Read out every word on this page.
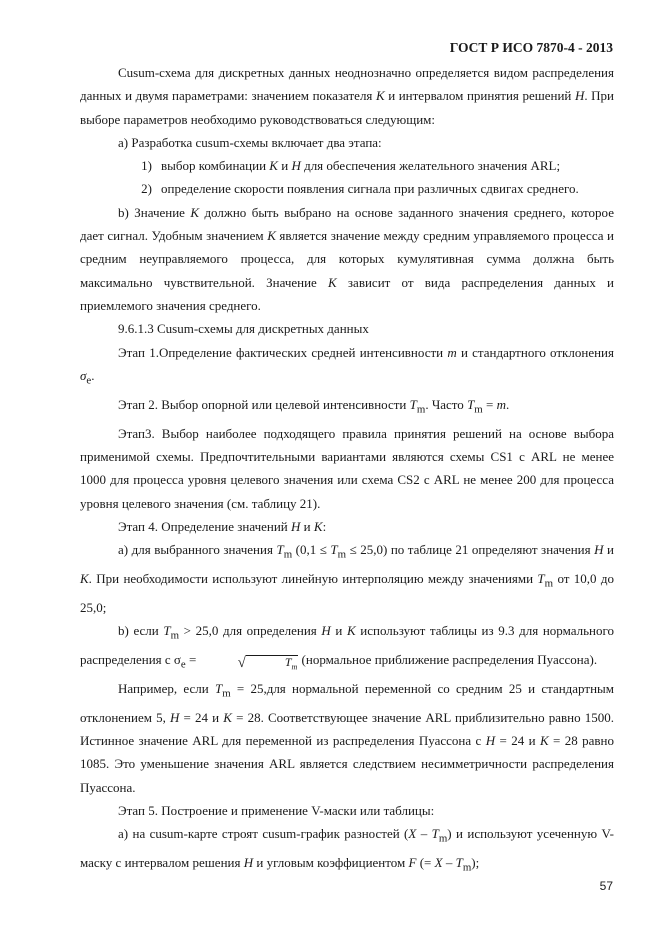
ГОСТ Р ИСО 7870-4 - 2013

Cusum-схема для дискретных данных неоднозначно определяется видом распределения данных и двумя параметрами: значением показателя K и интервалом принятия решений H. При выборе параметров необходимо руководствоваться следующим:

а) Разработка cusum-схемы включает два этапа:

1) выбор комбинации K и H для обеспечения желательного значения ARL;

2) определение скорости появления сигнала при различных сдвигах среднего.

b) Значение K должно быть выбрано на основе заданного значения среднего, которое дает сигнал. Удобным значением K является значение между средним управляемого процесса и средним неуправляемого процесса, для которых кумулятивная сумма должна быть максимально чувствительной. Значение K зависит от вида распределения данных и приемлемого значения среднего.

9.6.1.3 Cusum-схемы для дискретных данных

Этап 1.Определение фактических средней интенсивности m и стандартного отклонения $\sigma_e$.

Этап 2. Выбор опорной или целевой интенсивности $T_m$. Часто $T_m = m$.

Этап3. Выбор наиболее подходящего правила принятия решений на основе выбора применимой схемы. Предпочтительными вариантами являются схемы CS1 с ARL не менее 1000 для процесса уровня целевого значения или схема CS2 с ARL не менее 200 для процесса уровня целевого значения (см. таблицу 21).

Этап 4. Определение значений H и K:

а) для выбранного значения $T_m$ $(0,1 \le T_m \le 25,0)$ по таблице 21 определяют значения H и K. При необходимости используют линейную интерполяцию между значениями $T_m$ от 10,0 до 25,0;

b) если $T_m > 25,0$ для определения H и K используют таблицы из 9.3 для нормального распределения с $\sigma_e$ =	√	$T_m$ (нормальное приближение распределения Пуассона).

Например, если $T_m = 25,для$ нормальной переменной со средним 25 и стандартным отклонением 5, H = 24 и K = 28. Соответствующее значение ARL приблизительно равно 1500. Истинное значение ARL для переменной из распределения Пуассона с H = 24 и K = 28 равно 1085. Это уменьшение значения ARL является следствием несимметричности распределения Пуассона.

Этап 5. Построение и применение V-маски или таблицы:

а) на cusum-карте строят cusum-график разностей $(X - T_m)$ и используют усеченную V-маску с интервалом решения H и угловым коэффициентом F (= X – $T_m$);

57
